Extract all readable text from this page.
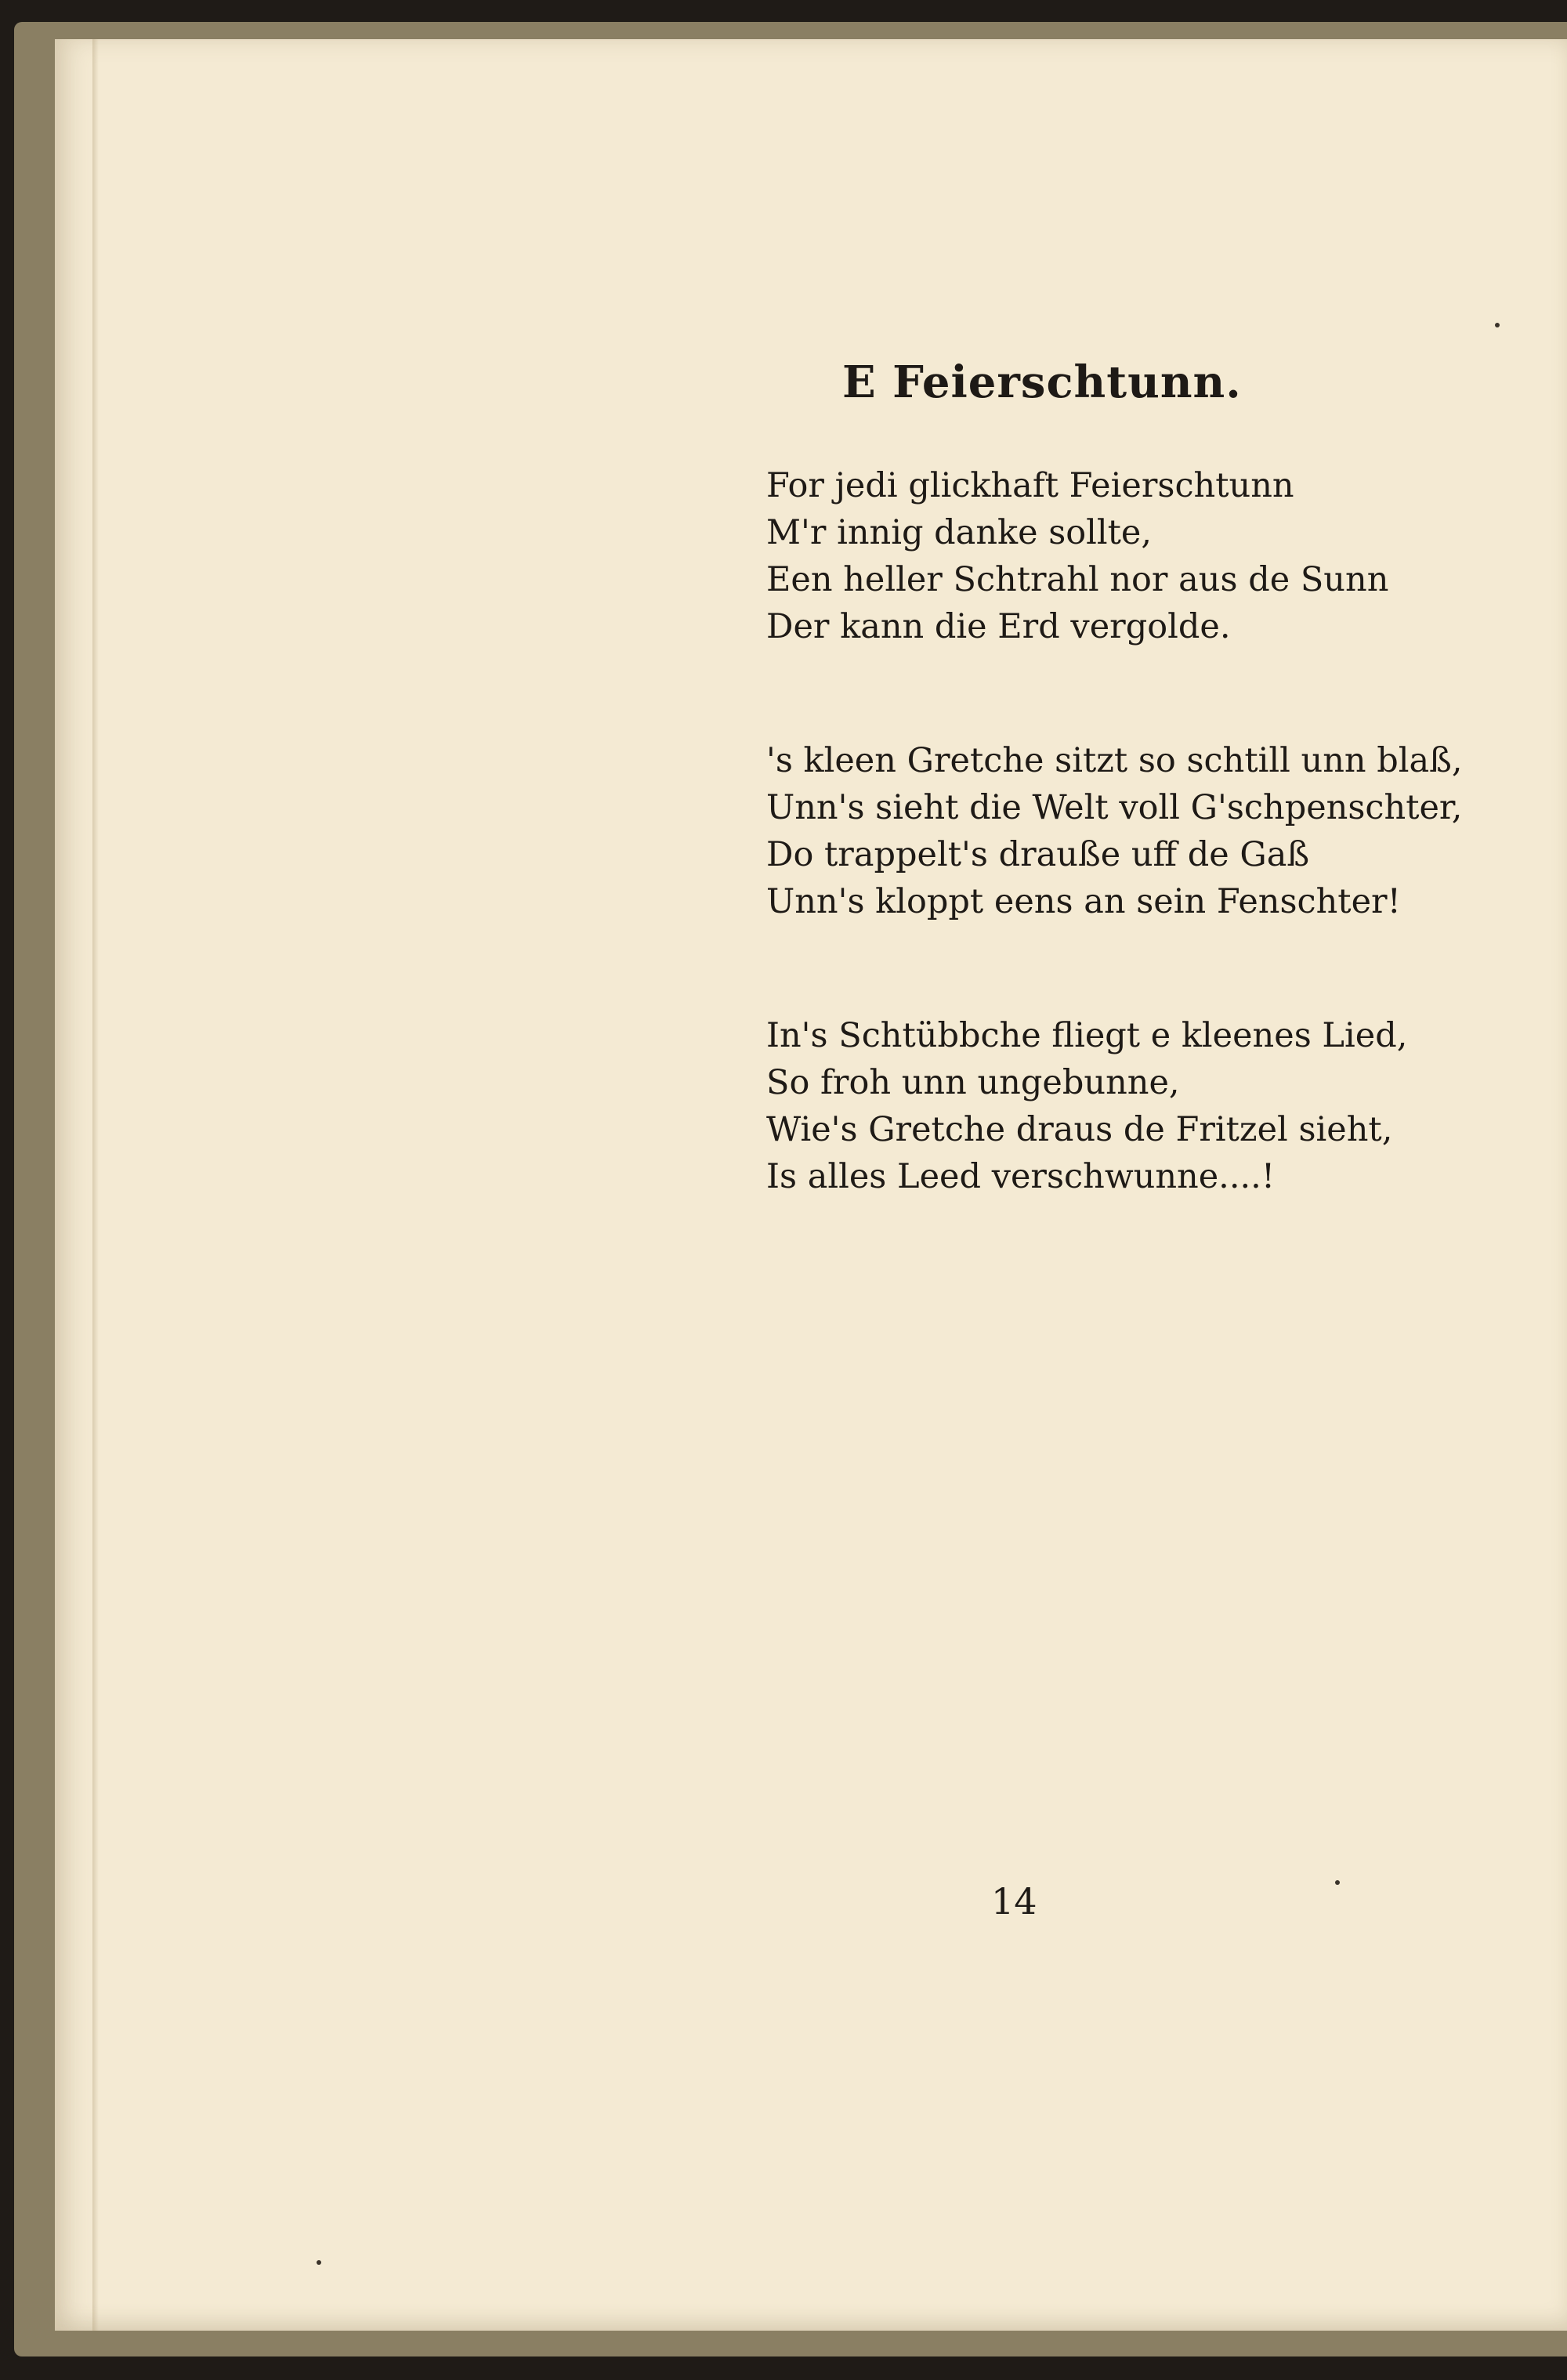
E Feierschtunn.
For jedi glickhaft Feierschtunn
M'r innig danke sollte,
Een heller Schtrahl nor aus de Sunn
Der kann die Erd vergolde.
's kleen Gretche sitzt so schtill unn blaß,
Unn's sieht die Welt voll G'schpenschter,
Do trappelt's drauße uff de Gaß
Unn's kloppt eens an sein Fenschter!
In's Schtübbche fliegt e kleenes Lied,
So froh unn ungebunne,
Wie's Gretche draus de Fritzel sieht,
Is alles Leed verschwunne....!
14
